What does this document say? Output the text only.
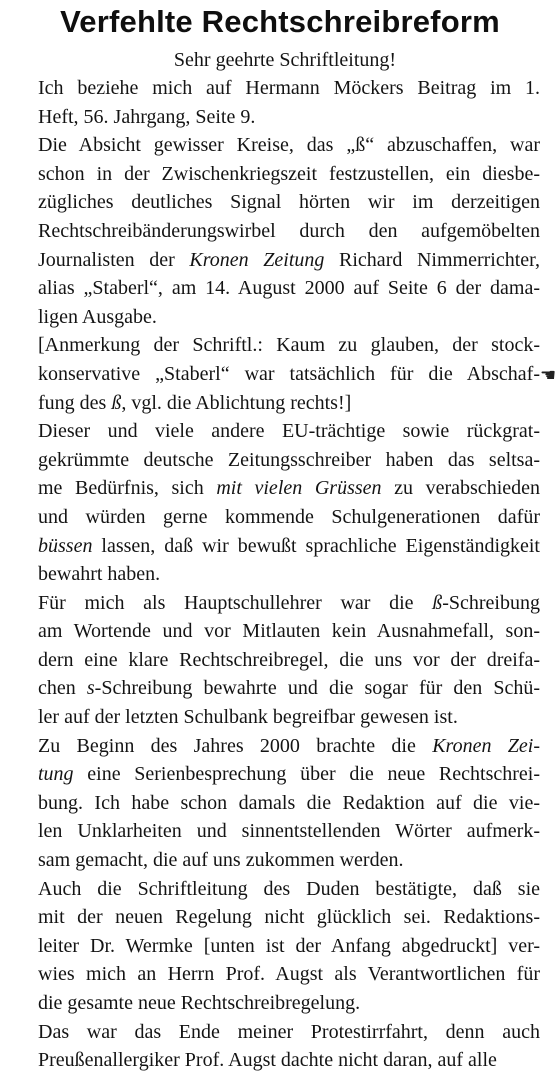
Verfehlte Rechtschreibreform
Sehr geehrte Schriftleitung!

Ich beziehe mich auf Hermann Möckers Beitrag im 1.
Heft, 56. Jahrgang, Seite 9.

Die Absicht gewisser Kreise, das „ß“ abzuschaffen, war
schon in der Zwischenkriegszeit festzustellen, ein diesbe-
zügliches deutliches Signal hörten wir im derzeitigen
Rechtschreibänderungswirbel durch den aufgemöbelten
Journalisten der Kronen Zeitung Richard Nimmerrichter,
alias „Staberl“, am 14. August 2000 auf Seite 6 der dama-
ligen Ausgabe.

[Anmerkung der Schriftl.: Kaum zu glauben, der stock-
konservative „Staberl“ war tatsächlich für die Abschaf-
fung des ß, vgl. die Ablichtung rechts!]

Dieser und viele andere EU-trächtige sowie rückgrat-
gekrümmte deutsche Zeitungsschreiber haben das seltsa-
me Bedürfnis, sich mit vielen Grüssen zu verabschieden
und würden gerne kommende Schulgenerationen dafür
büssen lassen, daß wir bewußt sprachliche Eigenständigkeit
bewahrt haben.

Für mich als Hauptschullehrer war die ß-Schreibung
am Wortende und vor Mitlauten kein Ausnahmefall, son-
dern eine klare Rechtschreibregel, die uns vor der dreifa-
chen s-Schreibung bewahrte und die sogar für den Schü-
ler auf der letzten Schulbank begreifbar gewesen ist.

Zu Beginn des Jahres 2000 brachte die Kronen Zei-
tung eine Serienbesprechung über die neue Rechtschrei-
bung. Ich habe schon damals die Redaktion auf die vie-
len Unklarheiten und sinnentstellenden Wörter aufmerk-
sam gemacht, die auf uns zukommen werden.

Auch die Schriftleitung des Duden bestätigte, daß sie
mit der neuen Regelung nicht glücklich sei. Redaktions-
leiter Dr. Wermke [unten ist der Anfang abgedruckt] ver-
wies mich an Herrn Prof. Augst als Verantwortlichen für
die gesamte neue Rechtschreibregelung.

Das war das Ende meiner Protestirrfahrt, denn auch
Preußenallergiker Prof. Augst dachte nicht daran, auf alle

☚
